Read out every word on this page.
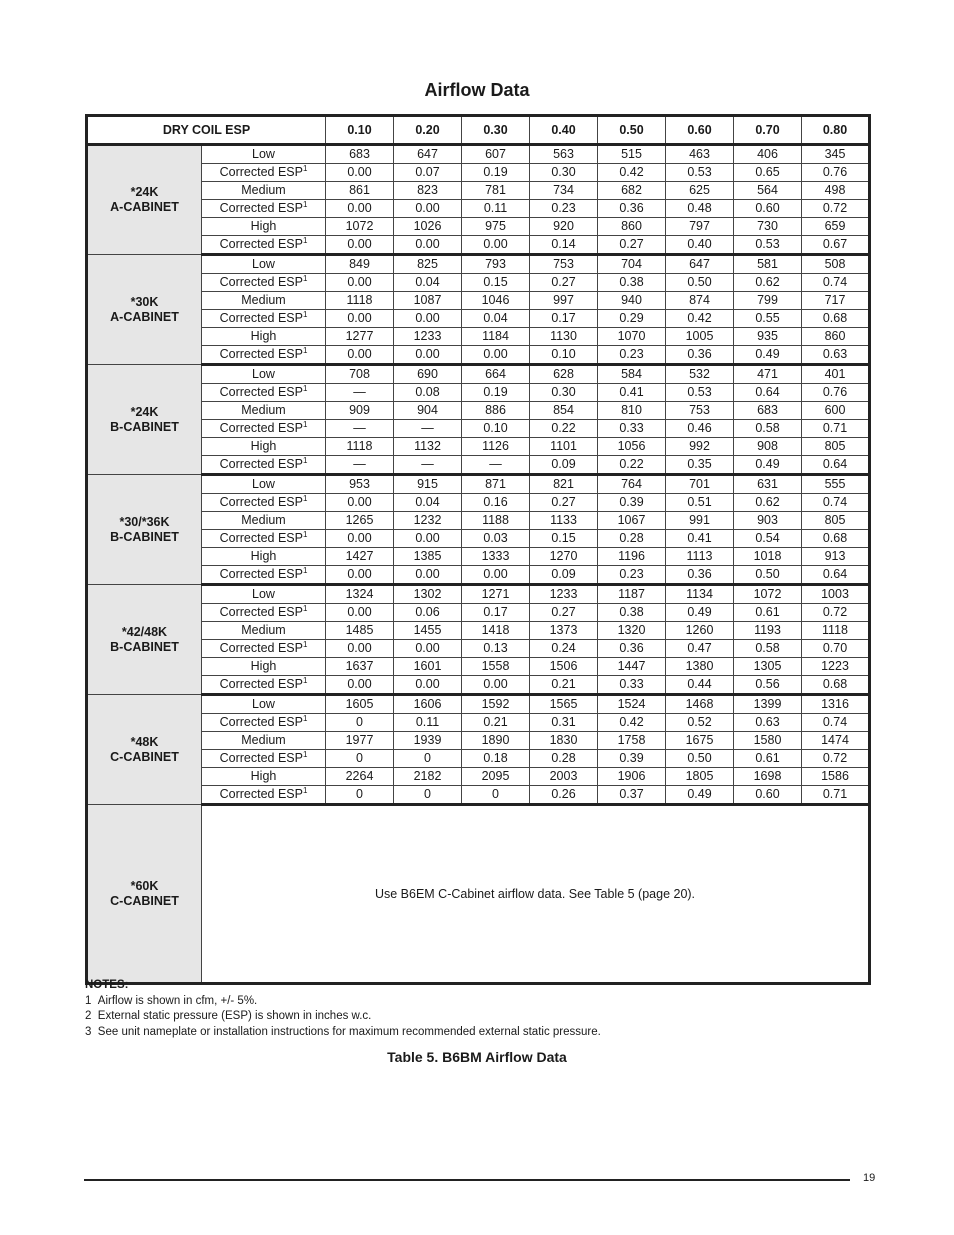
Airflow Data
DRY COIL ESP		0.10	0.20	0.30	0.40	0.50	0.60	0.70	0.80

*24K
A-CABINET	Low	683	647	607	563	515	463	406	345
	Corrected ESP$^1$	0.00	0.07	0.19	0.30	0.42	0.53	0.65	0.76
	Medium	861	823	781	734	682	625	564	498
	Corrected ESP$^1$	0.00	0.00	0.11	0.23	0.36	0.48	0.60	0.72
	High	1072	1026	975	920	860	797	730	659
	Corrected ESP$^1$	0.00	0.00	0.00	0.14	0.27	0.40	0.53	0.67

*30K
A-CABINET	Low	849	825	793	753	704	647	581	508
	Corrected ESP$^1$	0.00	0.04	0.15	0.27	0.38	0.50	0.62	0.74
	Medium	1118	1087	1046	997	940	874	799	717
	Corrected ESP$^1$	0.00	0.00	0.04	0.17	0.29	0.42	0.55	0.68
	High	1277	1233	1184	1130	1070	1005	935	860
	Corrected ESP$^1$	0.00	0.00	0.00	0.10	0.23	0.36	0.49	0.63

*24K
B-CABINET	Low	708	690	664	628	584	532	471	401
	Corrected ESP$^1$	—	0.08	0.19	0.30	0.41	0.53	0.64	0.76
	Medium	909	904	886	854	810	753	683	600
	Corrected ESP$^1$	—	—	0.10	0.22	0.33	0.46	0.58	0.71
	High	1118	1132	1126	1101	1056	992	908	805
	Corrected ESP$^1$	—	—	—	0.09	0.22	0.35	0.49	0.64

*30/*36K
B-CABINET	Low	953	915	871	821	764	701	631	555
	Corrected ESP$^1$	0.00	0.04	0.16	0.27	0.39	0.51	0.62	0.74
	Medium	1265	1232	1188	1133	1067	991	903	805
	Corrected ESP$^1$	0.00	0.00	0.03	0.15	0.28	0.41	0.54	0.68
	High	1427	1385	1333	1270	1196	1113	1018	913
	Corrected ESP$^1$	0.00	0.00	0.00	0.09	0.23	0.36	0.50	0.64

*42/48K
B-CABINET	Low	1324	1302	1271	1233	1187	1134	1072	1003
	Corrected ESP$^1$	0.00	0.06	0.17	0.27	0.38	0.49	0.61	0.72
	Medium	1485	1455	1418	1373	1320	1260	1193	1118
	Corrected ESP$^1$	0.00	0.00	0.13	0.24	0.36	0.47	0.58	0.70
	High	1637	1601	1558	1506	1447	1380	1305	1223
	Corrected ESP$^1$	0.00	0.00	0.00	0.21	0.33	0.44	0.56	0.68

*48K
C-CABINET	Low	1605	1606	1592	1565	1524	1468	1399	1316
	Corrected ESP$^1$	0	0.11	0.21	0.31	0.42	0.52	0.63	0.74
	Medium	1977	1939	1890	1830	1758	1675	1580	1474
	Corrected ESP$^1$	0	0	0.18	0.28	0.39	0.50	0.61	0.72
	High	2264	2182	2095	2003	1906	1805	1698	1586
	Corrected ESP$^1$	0	0	0	0.26	0.37	0.49	0.60	0.71

*60K
C-CABINET	Use B6EM C-Cabinet airflow data. See Table 5 (page 20).								
NOTES:
1 Airflow is shown in cfm, +/- 5%.
2 External static pressure (ESP) is shown in inches w.c.
3 See unit nameplate or installation instructions for maximum recommended external static pressure.
Table 5. B6BM Airflow Data
19
